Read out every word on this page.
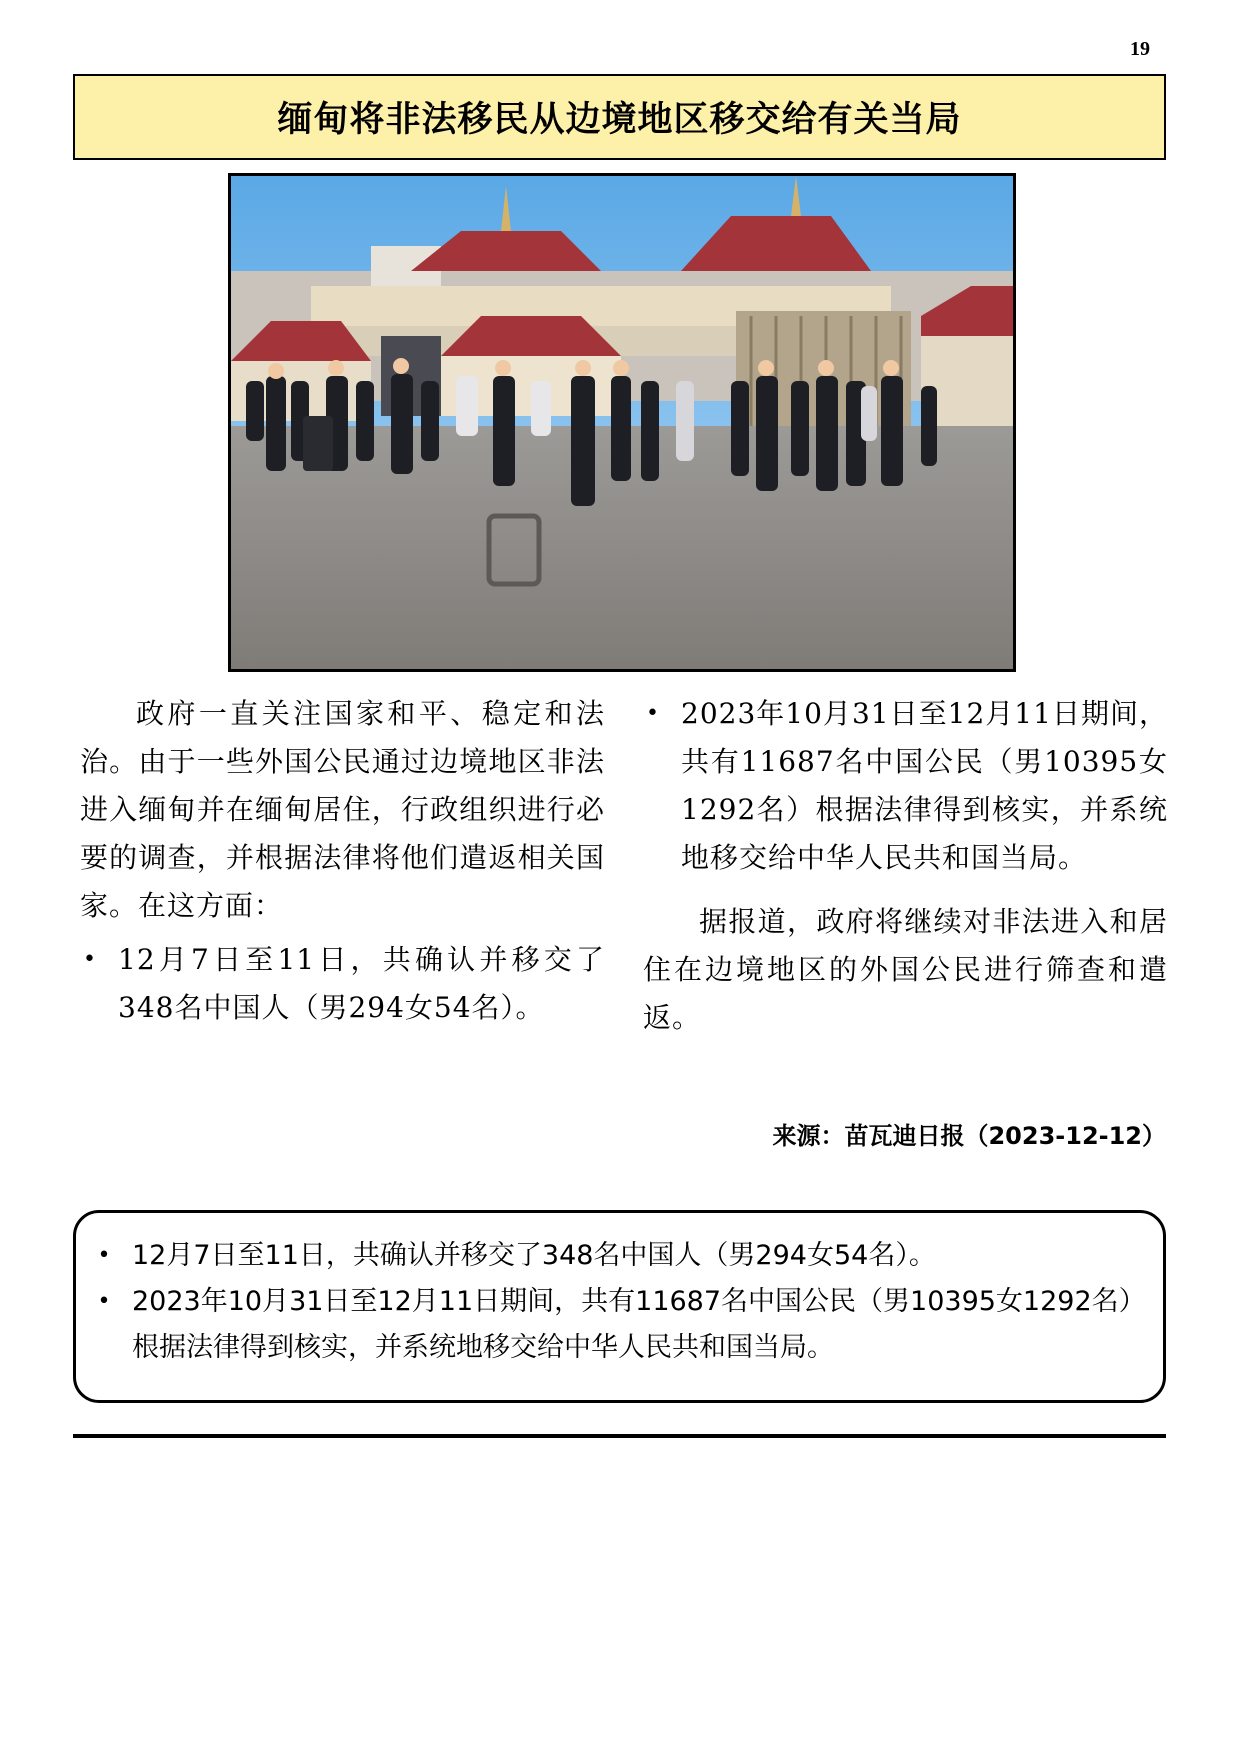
19
缅甸将非法移民从边境地区移交给有关当局

政府一直关注国家和平、稳定和法治。由于一些外国公民通过边境地区非法进入缅甸并在缅甸居住，行政组织进行必要的调查，并根据法律将他们遣返相关国家。在这方面：

• 12月7日至11日，共确认并移交了348名中国人（男294女54名）。

• 2023年10月31日至12月11日期间，共有11687名中国公民（男10395女1292名）根据法律得到核实，并系统地移交给中华人民共和国当局。

据报道，政府将继续对非法进入和居住在边境地区的外国公民进行筛查和遣返。

来源：苗瓦迪日报（2023-12-12）
• 12月7日至11日，共确认并移交了348名中国人（男294女54名）。
• 2023年10月31日至12月11日期间，共有11687名中国公民（男10395女1292名）根据法律得到核实，并系统地移交给中华人民共和国当局。
